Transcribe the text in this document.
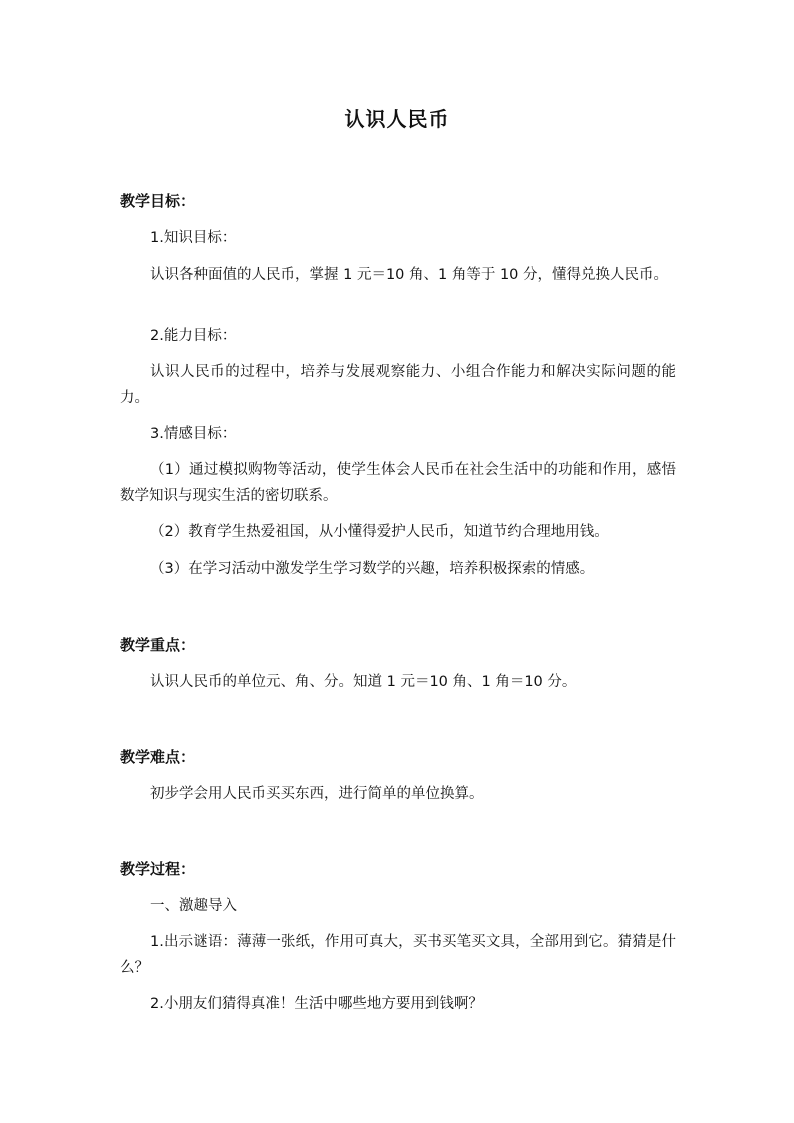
认识人民币
教学目标：
1.知识目标：
认识各种面值的人民币，掌握 1 元＝10 角、1 角等于 10 分，懂得兑换人民币。
2.能力目标：
认识人民币的过程中，培养与发展观察能力、小组合作能力和解决实际问题的能力。
3.情感目标：
（1）通过模拟购物等活动，使学生体会人民币在社会生活中的功能和作用，感悟数学知识与现实生活的密切联系。
（2）教育学生热爱祖国，从小懂得爱护人民币，知道节约合理地用钱。
（3）在学习活动中激发学生学习数学的兴趣，培养积极探索的情感。
教学重点：
认识人民币的单位元、角、分。知道 1 元＝10 角、1 角＝10 分。
教学难点：
初步学会用人民币买买东西，进行简单的单位换算。
教学过程：
一、激趣导入
1.出示谜语：薄薄一张纸，作用可真大，买书买笔买文具，全部用到它。猜猜是什么？
2.小朋友们猜得真准！生活中哪些地方要用到钱啊？
